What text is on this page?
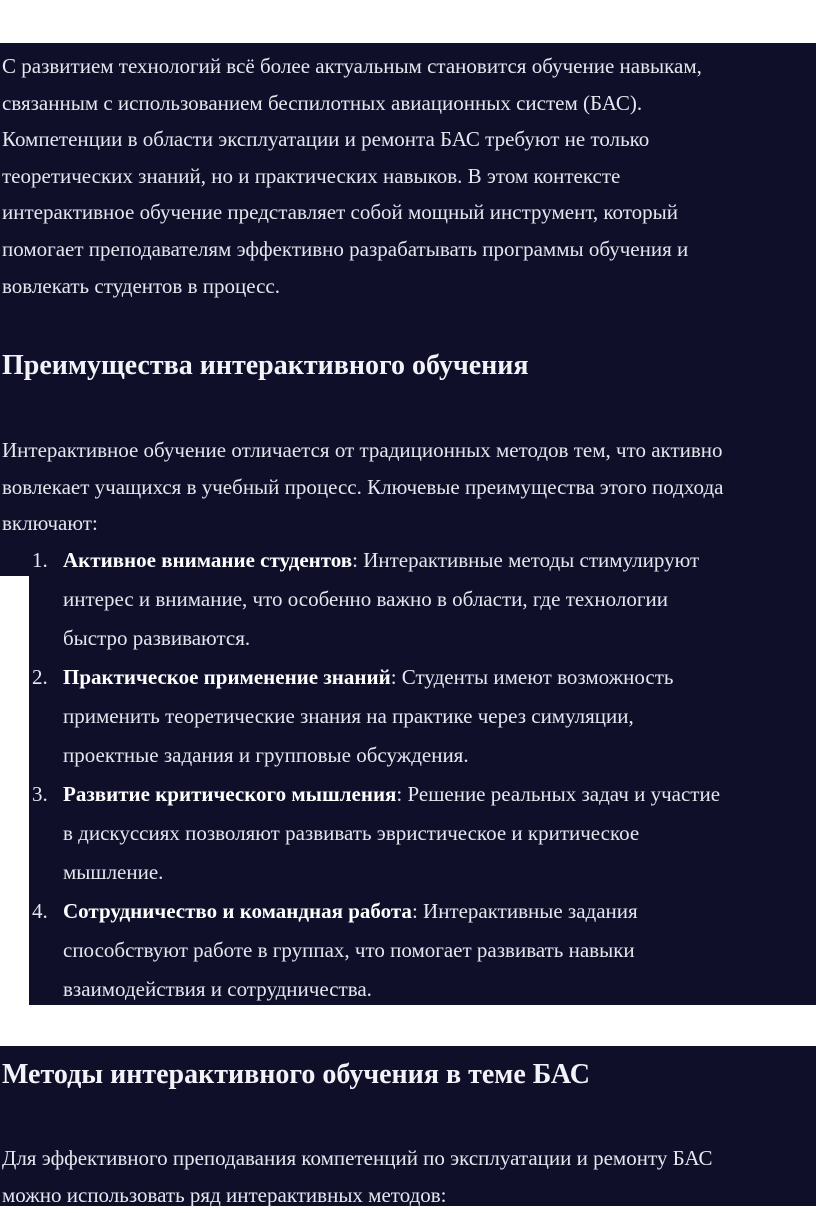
С развитием технологий всё более актуальным становится обучение навыкам,
связанным с использованием беспилотных авиационных систем (БАС).
Компетенции в области эксплуатации и ремонта БАС требуют не только
теоретических знаний, но и практических навыков. В этом контексте
интерактивное обучение представляет собой мощный инструмент, который
помогает преподавателям эффективно разрабатывать программы обучения и
вовлекать студентов в процесс.
Преимущества интерактивного обучения
Интерактивное обучение отличается от традиционных методов тем, что активно
вовлекает учащихся в учебный процесс. Ключевые преимущества этого подхода
включают:
1. Активное внимание студентов: Интерактивные методы стимулируют
интерес и внимание, что особенно важно в области, где технологии
быстро развиваются.
2. Практическое применение знаний: Студенты имеют возможность
применить теоретические знания на практике через симуляции,
проектные задания и групповые обсуждения.
3. Развитие критического мышления: Решение реальных задач и участие
в дискуссиях позволяют развивать эвристическое и критическое
мышление.
4. Сотрудничество и командная работа: Интерактивные задания
способствуют работе в группах, что помогает развивать навыки
взаимодействия и сотрудничества.
Методы интерактивного обучения в теме БАС
Для эффективного преподавания компетенций по эксплуатации и ремонту БАС
можно использовать ряд интерактивных методов:
